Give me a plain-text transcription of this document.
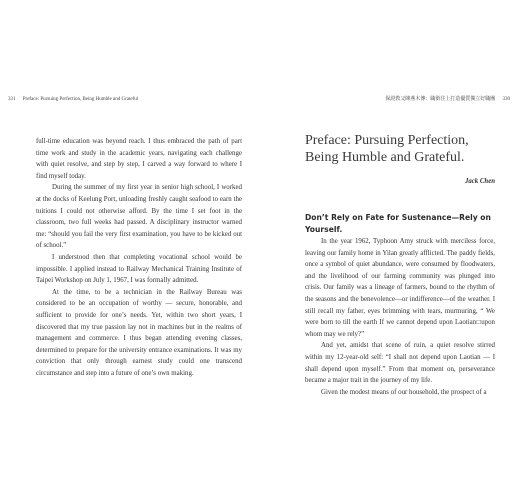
331 Preface: Pursuing Perfection, Being Humble and Grateful

full-time education was beyond reach. I thus embraced the path of part time work and study in the academic years, navigating each challenge with quiet resolve, and step by step, I carved a way forward to where I find myself today.

During the summer of my first year in senior high school, I worked at the docks of Keelung Port, unloading freshly caught seafood to earn the tuitions I could not otherwise afford. By the time I set foot in the classroom, two full weeks had passed. A disciplinary instructor warned me: “should you fail the very first examination, you have to be kicked out of school.”

I understood then that completing vocational school would be impossible. I applied instead to Railway Mechanical Training Institute of Taipei Workshop on July 1, 1967, I was formally admitted.

At the time, to be a technician in the Railway Bureau was considered to be an occupation of worthy — secure, honorable, and sufficient to provide for one’s needs. Yet, within two short years, I discovered that my true passion lay not in machines but in the realms of management and commerce. I thus began attending evening classes, determined to prepare for the university entrance examinations. It was my conviction that only through earnest study could one transcend circumstance and step into a future of one’s own making.

保證教父陳燕木傳：職銜往上打造優質獨立好職團 330
Preface: Pursuing Perfection, Being Humble and Grateful.
Jack Chen
Don’t Rely on Fate for Sustenance—Rely on Yourself.

In the year 1962, Typhoon Amy struck with merciless force, leaving our family home in Yilan greatly afflicted. The paddy fields, once a symbol of quiet abundance, were consumed by floodwaters, and the livelihood of our farming community was plunged into crisis. Our family was a lineage of farmers, bound to the rhythm of the seasons and the benevolence—or indifference—of the weather. I still recall my father, eyes brimming with tears, murmuring, “ We were born to till the earth If we cannot depend upon Laotian□upon whom may we rely?”

And yet, amidst that scene of ruin, a quiet resolve stirred within my 12-year-old self: “I shall not depend upon Laotian — I shall depend upon myself.” From that moment on, perseverance became a major trait in the journey of my life.

Given the modest means of our household, the prospect of a
